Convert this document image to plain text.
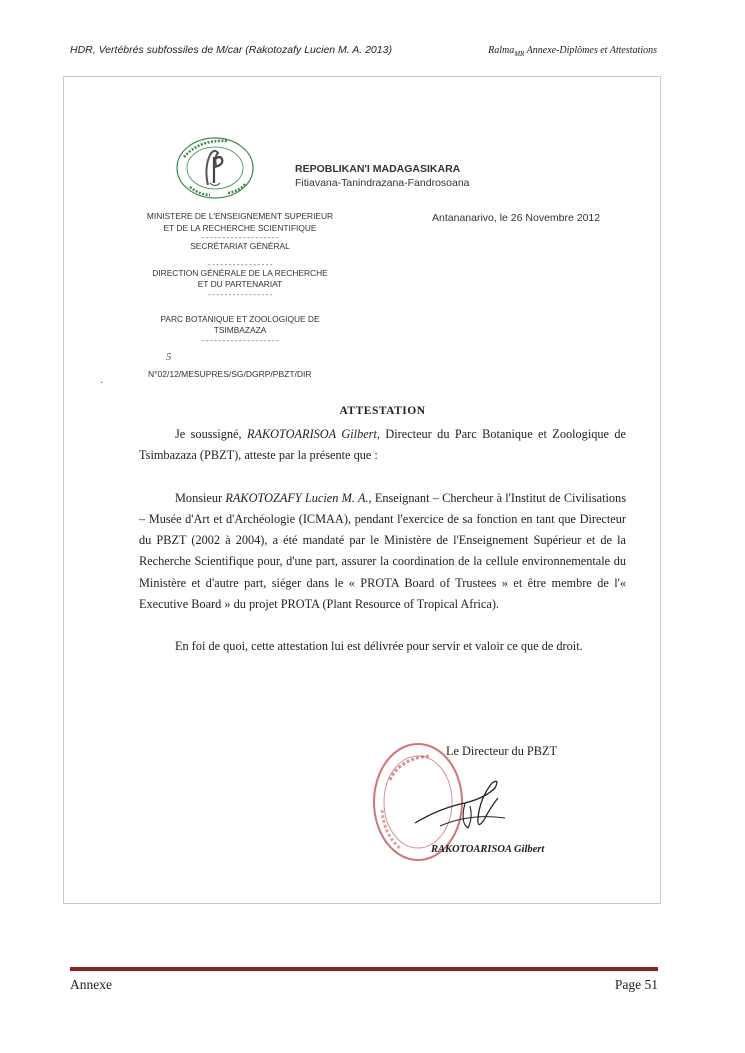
HDR, Vertébrés subfossiles de M/car (Rakotozafy Lucien M. A. 2013)	Ralma$_{MR}$ Annexe-Diplômes et Attestations
REPOBLIKAN'I MADAGASIKARA
Fitiavana-Tanindrazana-Fandrosoana
Antananarivo, le 26 Novembre 2012
MINISTERE DE L'ENSEIGNEMENT SUPERIEUR
ET DE LA RECHERCHE SCIENTIFIQUE
- - - - - - - - - - - - - - - - - - -
SECRÉTARIAT GÉNÉRAL
- - - - - - - - - - - - - - - -
DIRECTION GÉNÉRALE DE LA RECHERCHE
ET DU PARTENARIAT
- - - - - - - - - - - - - - - -
PARC BOTANIQUE ET ZOOLOGIQUE DE
TSIMBAZAZA
- - - - - - - - - - - - - - - - - - -
5
N°02/12/MESUPRES/SG/DGRP/PBZT/DIR
·
ATTESTATION

Je soussigné, RAKOTOARISOA Gilbert, Directeur du Parc Botanique et Zoologique de Tsimbazaza (PBZT), atteste par la présente que :

Monsieur RAKOTOZAFY Lucien M. A., Enseignant – Chercheur à l'Institut de Civilisations – Musée d'Art et d'Archéologie (ICMAA), pendant l'exercice de sa fonction en tant que Directeur du PBZT (2002 à 2004), a été mandaté par le Ministère de l'Enseignement Supérieur et de la Recherche Scientifique pour, d'une part, assurer la coordination de la cellule environnementale du Ministère et d'autre part, siéger dans le « PROTA Board of Trustees » et être membre de l'« Executive Board » du projet PROTA (Plant Resource of Tropical Africa).

En foi de quoi, cette attestation lui est délivrée pour servir et valoir ce que de droit.

Le Directeur du PBZT
RAKOTOARISOA Gilbert
Annexe	Page 51
